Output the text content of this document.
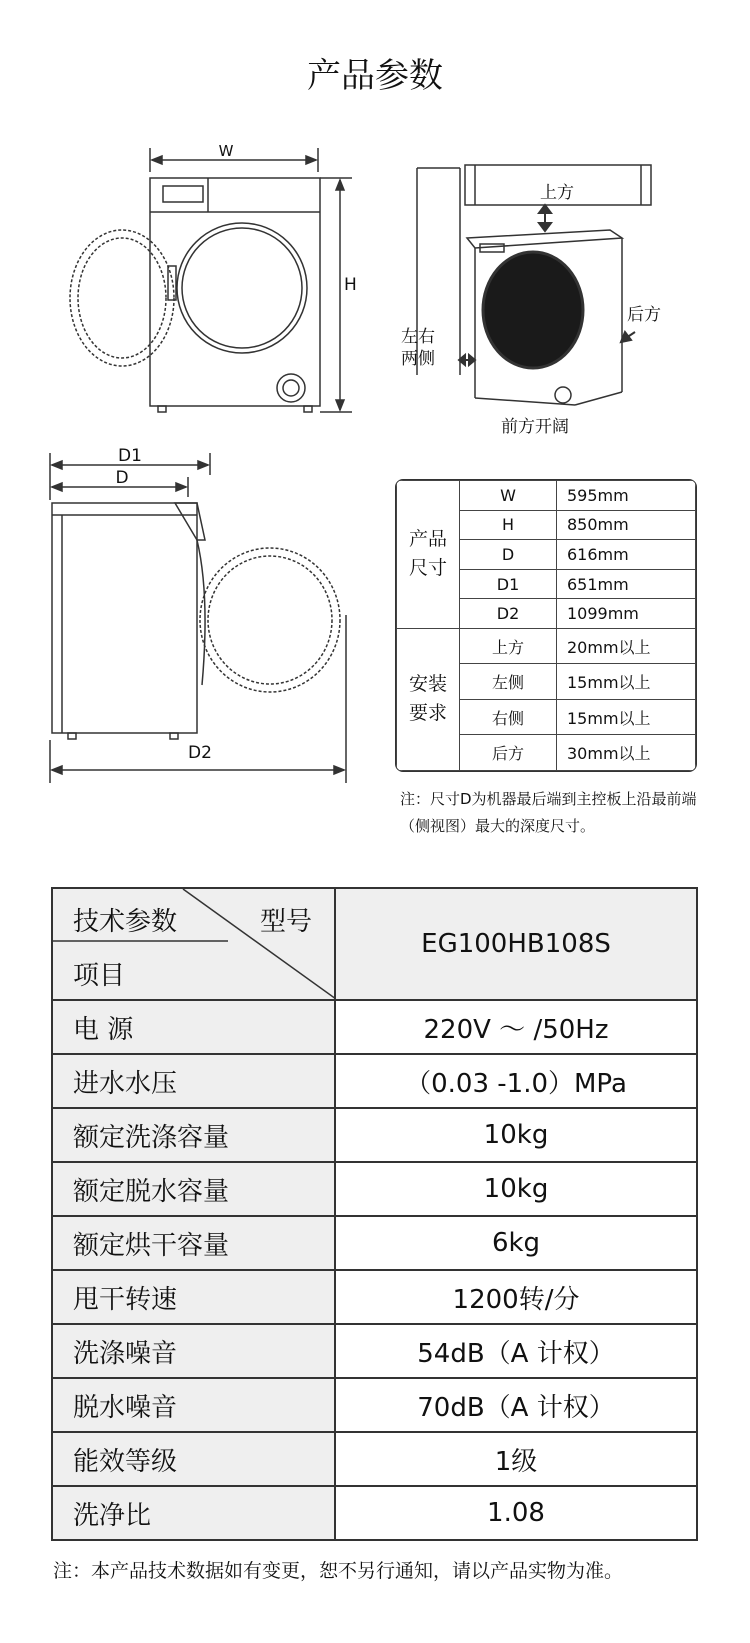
产品参数
W
H
上方
后方
左右
两侧
前方开阔
D1
D
D2
产品
尺寸	W	595mm
	H	850mm
	D	616mm
	D1	651mm
	D2	1099mm
安装
要求	上方	20mm以上
	左侧	15mm以上
	右侧	15mm以上
	后方	30mm以上
注：尺寸D为机器最后端到主控板上沿最前端（侧视图）最大的深度尺寸。
技术参数 型号
项目	EG100HB108S
电 源	220V ～ /50Hz
进水水压	（0.03 -1.0）MPa
额定洗涤容量	10kg
额定脱水容量	10kg
额定烘干容量	6kg
甩干转速	1200转/分
洗涤噪音	54dB（A 计权）
脱水噪音	70dB（A 计权）
能效等级	1级
洗净比	1.08
注：本产品技术数据如有变更，恕不另行通知，请以产品实物为准。
